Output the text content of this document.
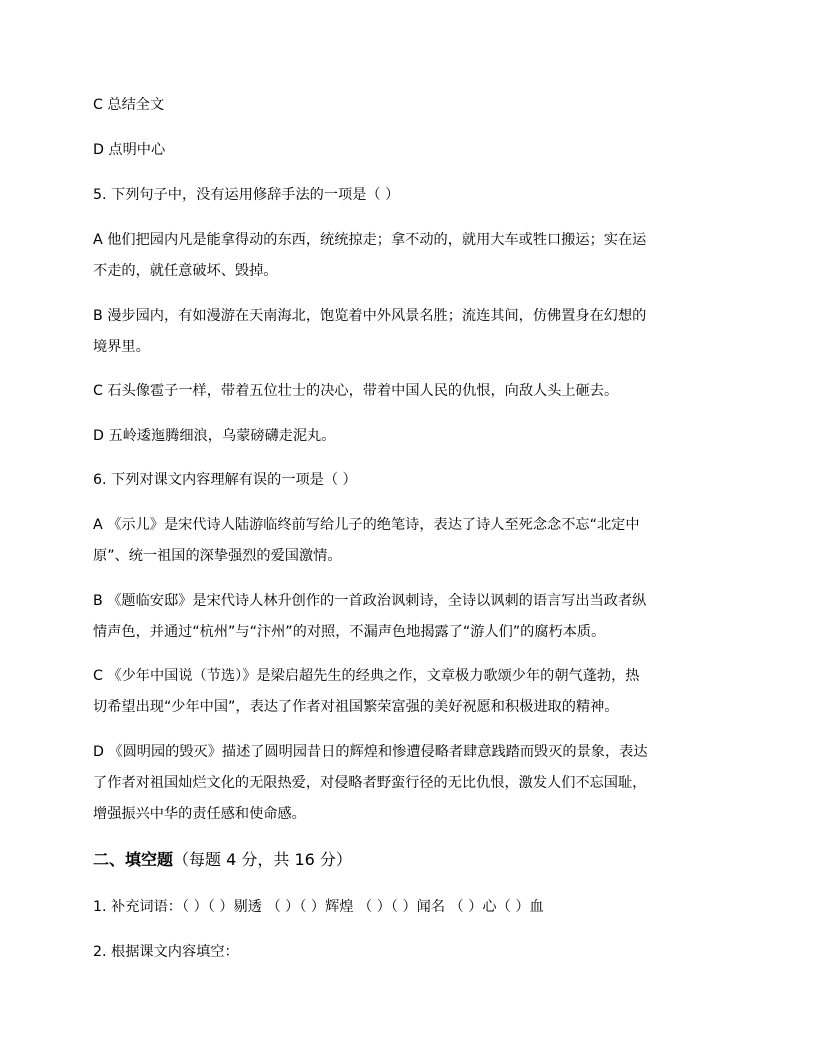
C 总结全文
D 点明中心
5. 下列句子中，没有运用修辞手法的一项是（ ）
A 他们把园内凡是能拿得动的东西，统统掠走；拿不动的，就用大车或牲口搬运；实在运
不走的，就任意破坏、毁掉。
B 漫步园内，有如漫游在天南海北，饱览着中外风景名胜；流连其间，仿佛置身在幻想的
境界里。
C 石头像雹子一样，带着五位壮士的决心，带着中国人民的仇恨，向敌人头上砸去。
D 五岭逶迤腾细浪，乌蒙磅礴走泥丸。
6. 下列对课文内容理解有误的一项是（ ）
A 《示儿》是宋代诗人陆游临终前写给儿子的绝笔诗，表达了诗人至死念念不忘“北定中
原”、统一祖国的深挚强烈的爱国激情。
B 《题临安邸》是宋代诗人林升创作的一首政治讽刺诗，全诗以讽刺的语言写出当政者纵
情声色，并通过“杭州”与“汴州”的对照，不漏声色地揭露了“游人们”的腐朽本质。
C 《少年中国说（节选）》是梁启超先生的经典之作，文章极力歌颂少年的朝气蓬勃，热
切希望出现“少年中国”，表达了作者对祖国繁荣富强的美好祝愿和积极进取的精神。
D 《圆明园的毁灭》描述了圆明园昔日的辉煌和惨遭侵略者肆意践踏而毁灭的景象，表达
了作者对祖国灿烂文化的无限热爱，对侵略者野蛮行径的无比仇恨，激发人们不忘国耻，
增强振兴中华的责任感和使命感。
二、填空题（每题 4 分，共 16 分）
1. 补充词语：（ ）（ ）剔透 （ ）（ ）辉煌 （ ）（ ）闻名 （ ）心（ ）血
2. 根据课文内容填空：
